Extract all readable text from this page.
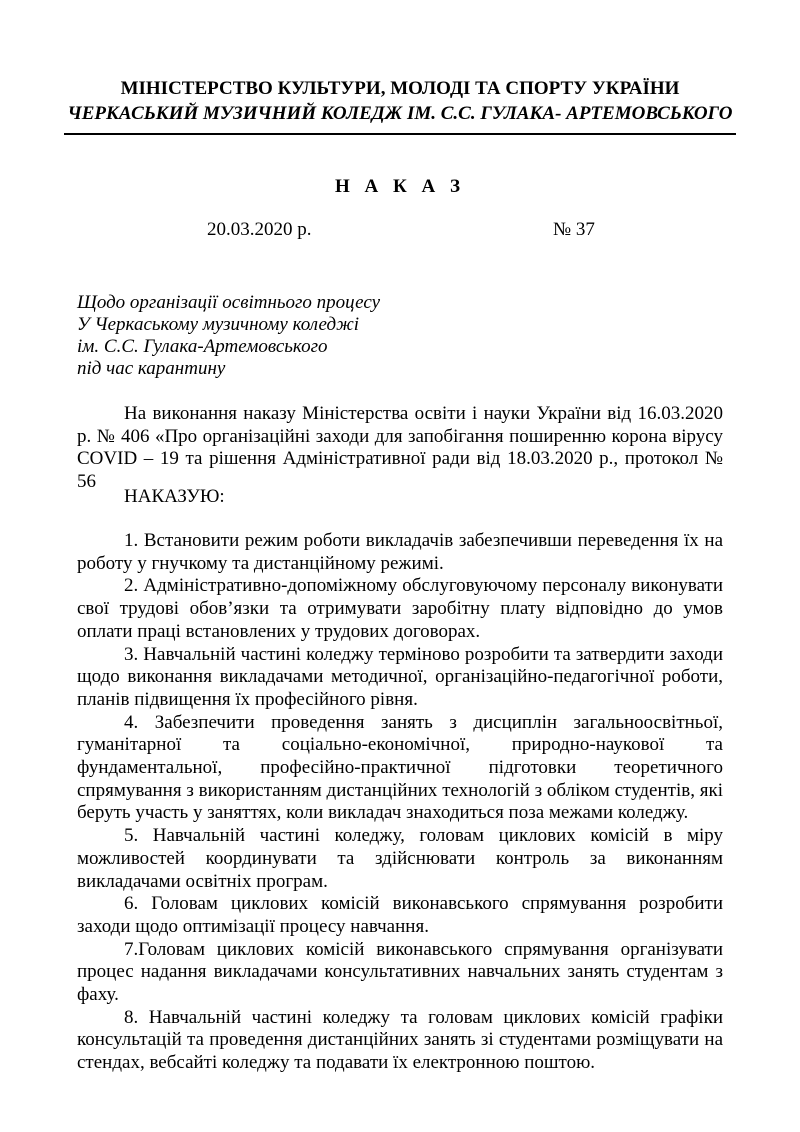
МІНІСТЕРСТВО КУЛЬТУРИ, МОЛОДІ ТА СПОРТУ УКРАЇНИ
ЧЕРКАСЬКИЙ МУЗИЧНИЙ КОЛЕДЖ ІМ. С.С. ГУЛАКА- АРТЕМОВСЬКОГО
Н А К А З
20.03.2020 р.	№ 37
Щодо організації освітнього процесу
У Черкаському музичному коледжі
ім. С.С. Гулака-Артемовського
під час карантину
На виконання наказу Міністерства освіти і науки України від 16.03.2020 р. № 406 «Про організаційні заходи для запобігання поширенню корона вірусу COVID – 19 та рішення Адміністративної ради від 18.03.2020 р., протокол № 56
НАКАЗУЮ:

1. Встановити режим роботи викладачів забезпечивши переведення їх на роботу у гнучкому та дистанційному режимі.

2. Адміністративно-допоміжному обслуговуючому персоналу виконувати свої трудові обов’язки та отримувати заробітну плату відповідно до умов оплати праці встановлених у трудових договорах.

3. Навчальній частині коледжу терміново розробити та затвердити заходи щодо виконання викладачами методичної, організаційно-педагогічної роботи, планів підвищення їх професійного рівня.

4. Забезпечити проведення занять з дисциплін загальноосвітньої, гуманітарної та соціально-економічної, природно-наукової та фундаментальної, професійно-практичної підготовки теоретичного спрямування з використанням дистанційних технологій з обліком студентів, які беруть участь у заняттях, коли викладач знаходиться поза межами коледжу.

5. Навчальній частині коледжу, головам циклових комісій в міру можливостей координувати та здійснювати контроль за виконанням викладачами освітніх програм.

6. Головам циклових комісій виконавського спрямування розробити заходи щодо оптимізації процесу навчання.

7.Головам циклових комісій виконавського спрямування організувати процес надання викладачами консультативних навчальних занять студентам з фаху.

8. Навчальній частині коледжу та головам циклових комісій графіки консультацій та проведення дистанційних занять зі студентами розміщувати на стендах, вебсайті коледжу та подавати їх електронною поштою.
